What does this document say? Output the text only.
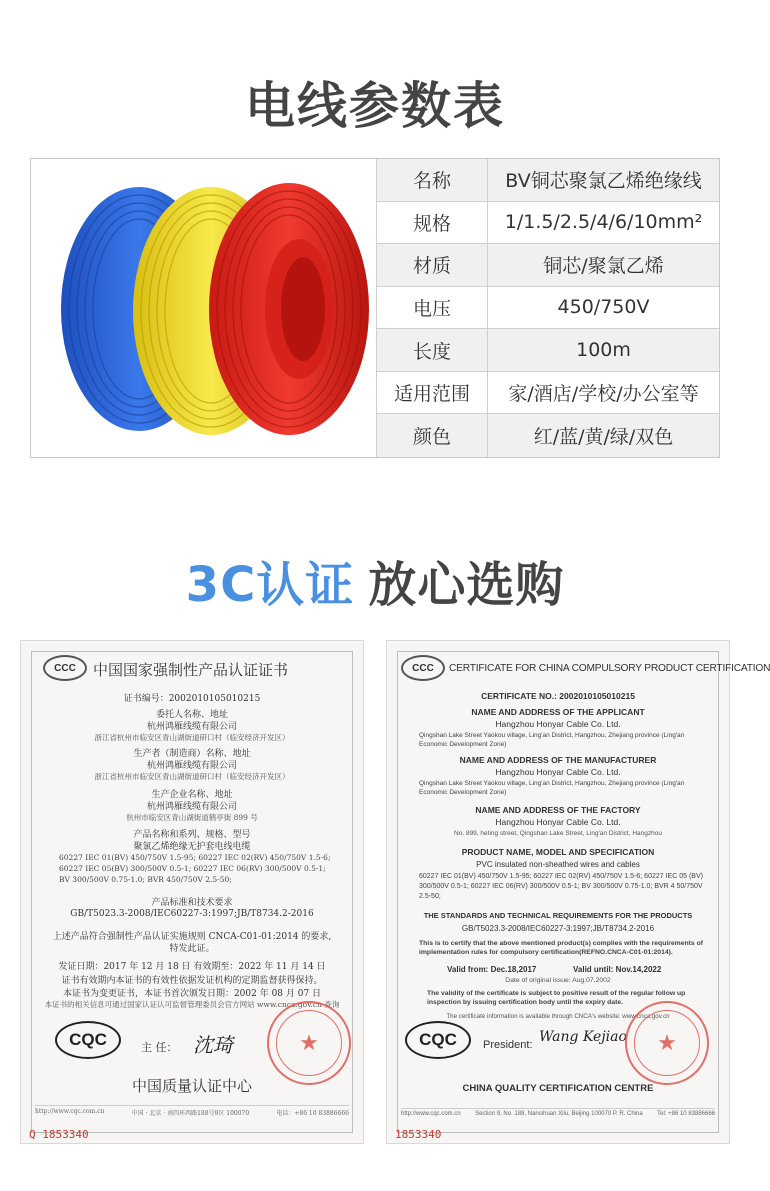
电线参数表
名称	BV铜芯聚氯乙烯绝缘线
规格	1/1.5/2.5/4/6/10mm²
材质	铜芯/聚氯乙烯
电压	450/750V
长度	100m
适用范围	家/酒店/学校/办公室等
颜色	红/蓝/黄/绿/双色
3C认证 放心选购
CCC	中国国家强制性产品认证证书
证书编号：2002010105010215
委托人名称、地址
杭州鸿雁线缆有限公司
浙江省杭州市临安区青山湖街道研口村（临安经济开发区）
生产者（制造商）名称、地址
杭州鸿雁线缆有限公司
浙江省杭州市临安区青山湖街道研口村（临安经济开发区）
生产企业名称、地址
杭州鸿雁线缆有限公司
杭州市临安区青山湖街道鹤亭街 899 号
产品名称和系列、规格、型号
聚氯乙烯绝缘无护套电线电缆
60227 IEC 01(BV) 450/750V 1.5-95; 60227 IEC 02(RV) 450/750V 1.5-6; 60227 IEC 05(BV) 300/500V 0.5-1; 60227 IEC 06(RV) 300/500V 0.5-1; BV 300/500V 0.75-1.0; BVR 450/750V 2.5-50;
产品标准和技术要求
GB/T5023.3-2008/IEC60227-3:1997;JB/T8734.2-2016
上述产品符合强制性产品认证实施规则 CNCA-C01-01:2014 的要求,
特发此证。
发证日期：2017 年 12 月 18 日 有效期至：2022 年 11 月 14 日
证书有效期内本证书的有效性依据发证机构的定期监督获得保持。
本证书为变更证书，本证书首次颁发日期：2002 年 08 月 07 日
本证书的相关信息可通过国家认证认可监督管理委员会官方网站 www.cnca.gov.cn 查询
CQC	主 任： 沈琦	★
中国质量认证中心
http://www.cqc.com.cn	中国 · 北京 · 南四环西路188号9区 100070	电话：+86 10 83886666
Q 1853340
CCC	CERTIFICATE FOR CHINA COMPULSORY PRODUCT CERTIFICATION
CERTIFICATE NO.: 2002010105010215
NAME AND ADDRESS OF THE APPLICANT
Hangzhou Honyar Cable Co. Ltd.
Qingshan Lake Street Yaokou village, Ling'an District, Hangzhou, Zhejiang province (Ling'an Economic Development Zone)
NAME AND ADDRESS OF THE MANUFACTURER
Hangzhou Honyar Cable Co. Ltd.
Qingshan Lake Street Yaokou village, Ling'an District, Hangzhou, Zhejiang province (Ling'an Economic Development Zone)
NAME AND ADDRESS OF THE FACTORY
Hangzhou Honyar Cable Co. Ltd.
No. 899, heting street, Qingshan Lake Street, Ling'an District, Hangzhou
PRODUCT NAME, MODEL AND SPECIFICATION
PVC insulated non-sheathed wires and cables
60227 IEC 01(BV) 450/750V 1.5-95; 60227 IEC 02(RV) 450/750V 1.5-6; 60227 IEC 05 (BV) 300/500V 0.5-1; 60227 IEC 06(RV) 300/500V 0.5-1; BV 300/500V 0.75-1.0; BVR 4 50/750V 2.5-50;
THE STANDARDS AND TECHNICAL REQUIREMENTS FOR THE PRODUCTS
GB/T5023.3-2008/IEC60227-3:1997;JB/T8734.2-2016
This is to certify that the above mentioned product(s) complies with the requirements of implementation rules for compulsory certification(REFNO.CNCA-C01-01:2014).
Valid from: Dec.18,2017	Valid until: Nov.14,2022
Date of original issue: Aug.07,2002
The validity of the certificate is subject to positive result of the regular follow up inspection by issuing certification body until the expiry date.
The certificate information is available through CNCA's website: www.cnca.gov.cn
CQC	President: Wang Kejiao	★
CHINA QUALITY CERTIFICATION CENTRE
http://www.cqc.com.cn Section 9, No. 188, Nansihuan Xilu, Beijing 100070 P. R. China Tel: +86 10 83886666
1853340
